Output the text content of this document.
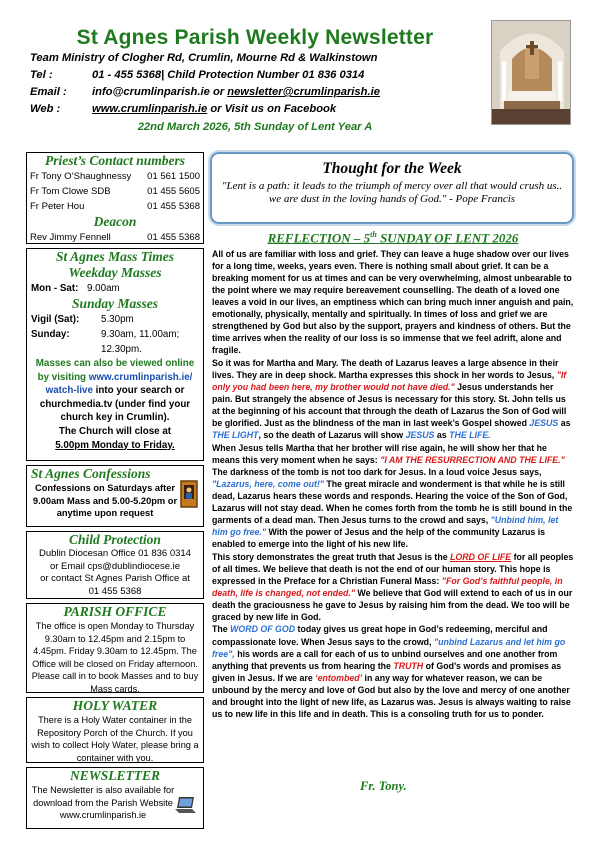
St Agnes Parish Weekly Newsletter
Team Ministry of Clogher Rd, Crumlin, Mourne Rd & Walkinstown
Tel :	01 - 455 5368| Child Protection Number 01 836 0314
Email : info@crumlinparish.ie or newsletter@crumlinparish.ie
Web :	www.crumlinparish.ie or Visit us on Facebook
22nd March 2026, 5th Sunday of Lent Year A
Priest’s Contact numbers
Fr Tony O’Shaughnessy 01 561 1500
Fr Tom Clowe SDB	01 455 5605
Fr Peter Hou	01 455 5368
Deacon
Rev Jimmy Fennell	01 455 5368
St Agnes Mass Times
Weekday Masses
Mon - Sat: 9.00am
Sunday Masses
Vigil (Sat): 5.30pm
Sunday:	9.30am, 11.00am;
12.30pm.
Masses can also be viewed online by visiting www.crumlinparish.ie/ watch-live into your search or churchmedia.tv (under find your church key in Crumlin).
The Church will close at
5.00pm Monday to Friday.
St Agnes Confessions
Confessions on Saturdays after 9.00am Mass and 5.00-5.20pm or anytime upon request
Child Protection
Dublin Diocesan Office 01 836 0314
or Email cps@dublindiocese.ie
or contact St Agnes Parish Office at
01 455 5368
PARISH OFFICE
The office is open Monday to Thursday 9.30am to 12.45pm and 2.15pm to 4.45pm. Friday 9.30am to 12.45pm. The Office will be closed on Friday afternoon. Please call in to book Masses and to buy Mass cards.
HOLY WATER
There is a Holy Water container in the Repository Porch of the Church. If you wish to collect Holy Water, please bring a container with you.
NEWSLETTER
The Newsletter is also available for download from the Parish Website www.crumlinparish.ie
Thought for the Week
"Lent is a path: it leads to the triumph of mercy over all that would crush us.. we are dust in the loving hands of God." - Pope Francis
REFLECTION – 5th SUNDAY OF LENT 2026

All of us are familiar with loss and grief. They can leave a huge shadow over our lives for a long time, weeks, years even. There is nothing small about grief. It can be a breaking moment for us at times and can be very overwhelming, almost unbearable to the point where we may require bereavement counselling. The death of a loved one leaves a void in our lives, an emptiness which can bring much inner anguish and pain, emotionally, physically, mentally and spiritually. In times of loss and grief we are strengthened by God but also by the support, prayers and kindness of others. But the time arrives when the reality of our loss is so immense that we feel adrift, alone and fragile.

So it was for Martha and Mary. The death of Lazarus leaves a large absence in their lives. They are in deep shock. Martha expresses this shock in her words to Jesus, "If only you had been here, my brother would not have died." Jesus understands her pain. But strangely the absence of Jesus is necessary for this story. St. John tells us at the beginning of his account that through the death of Lazarus the Son of God will be glorified. Just as the blindness of the man in last week’s Gospel showed JESUS as THE LIGHT, so the death of Lazarus will show JESUS as THE LIFE.

When Jesus tells Martha that her brother will rise again, he will show her that he means this very moment when he says: "I AM THE RESURRECTION AND THE LIFE." The darkness of the tomb is not too dark for Jesus. In a loud voice Jesus says, "Lazarus, here, come out!" The great miracle and wonderment is that while he is still dead, Lazarus hears these words and responds. Hearing the voice of the Son of God, Lazarus will not stay dead. When he comes forth from the tomb he is still bound in the garments of a dead man. Then Jesus turns to the crowd and says, "Unbind him, let him go free." With the power of Jesus and the help of the community Lazarus is enabled to emerge into the light of his new life.

This story demonstrates the great truth that Jesus is the LORD OF LIFE for all peoples of all times. We believe that death is not the end of our human story. This hope is expressed in the Preface for a Christian Funeral Mass: "For God’s faithful people, in death, life is changed, not ended." We believe that God will extend to each of us in our death the graciousness he gave to Jesus by raising him from the dead. We too will be graced by new life in God.

The WORD OF GOD today gives us great hope in God’s redeeming, merciful and compassionate love. When Jesus says to the crowd, "unbind Lazarus and let him go free", his words are a call for each of us to unbind ourselves and one another from anything that prevents us from hearing the TRUTH of God’s words and promises as given in Jesus. If we are ‘entombed’ in any way for whatever reason, we can be unbound by the mercy and love of God but also by the love and mercy of one another and brought into the light of new life, as Lazarus was. Jesus is always waiting to raise us to new life in this life and in death. This is a consoling truth for us to ponder.

Fr. Tony.
